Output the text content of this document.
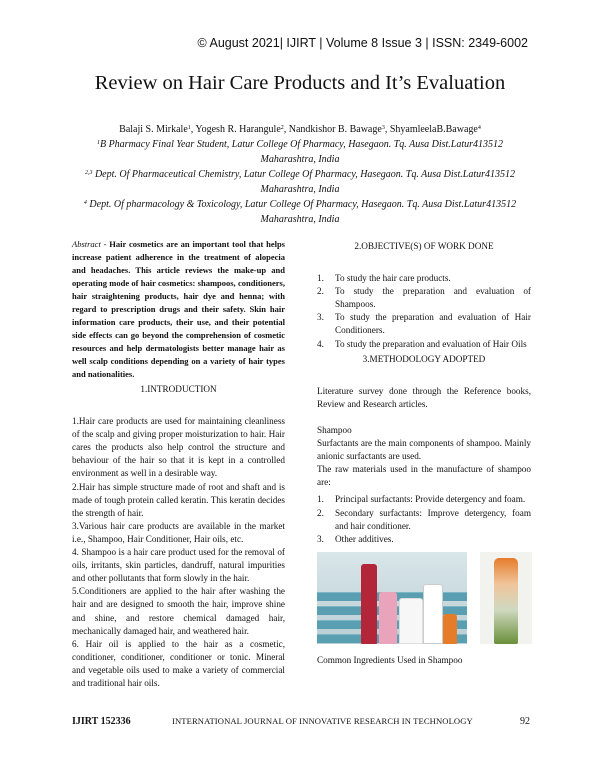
© August 2021| IJIRT | Volume 8 Issue 3 | ISSN: 2349-6002
Review on Hair Care Products and It’s Evaluation
Balaji S. Mirkale$^1$, Yogesh R. Harangule$^2$, Nandkishor B. Bawage$^3$, ShyamleelaB.Bawage$^4$
$^1$B Pharmacy Final Year Student, Latur College Of Pharmacy, Hasegaon. Tq. Ausa Dist.Latur413512 Maharashtra, India
$^{2,3}$ Dept. Of Pharmaceutical Chemistry, Latur College Of Pharmacy, Hasegaon. Tq. Ausa Dist.Latur413512 Maharashtra, India
$^4$ Dept. Of pharmacology & Toxicology, Latur College Of Pharmacy, Hasegaon. Tq. Ausa Dist.Latur413512 Maharashtra, India
Abstract - Hair cosmetics are an important tool that helps increase patient adherence in the treatment of alopecia and headaches. This article reviews the make-up and operating mode of hair cosmetics: shampoos, conditioners, hair straightening products, hair dye and henna; with regard to prescription drugs and their safety. Skin hair information care products, their use, and their potential side effects can go beyond the comprehension of cosmetic resources and help dermatologists better manage hair as well scalp conditions depending on a variety of hair types and nationalities.
1.INTRODUCTION
1.Hair care products are used for maintaining cleanliness of the scalp and giving proper moisturization to hair. Hair cares the products also help control the structure and behaviour of the hair so that it is kept in a controlled environment as well in a desirable way.
2.Hair has simple structure made of root and shaft and is made of tough protein called keratin. This keratin decides the strength of hair.
3.Various hair care products are available in the market i.e., Shampoo, Hair Conditioner, Hair oils, etc.
4. Shampoo is a hair care product used for the removal of oils, irritants, skin particles, dandruff, natural impurities and other pollutants that form slowly in the hair.
5.Conditioners are applied to the hair after washing the hair and are designed to smooth the hair, improve shine and shine, and restore chemical damaged hair, mechanically damaged hair, and weathered hair.
6. Hair oil is applied to the hair as a cosmetic, conditioner, conditioner, conditioner or tonic. Mineral and vegetable oils used to make a variety of commercial and traditional hair oils.
2.OBJECTIVE(S) OF WORK DONE
1. To study the hair care products.
2. To study the preparation and evaluation of Shampoos.
3. To study the preparation and evaluation of Hair Conditioners.
4. To study the preparation and evaluation of Hair Oils
3.METHODOLOGY ADOPTED
Literature survey done through the Reference books, Review and Research articles.
Shampoo
Surfactants are the main components of shampoo. Mainly anionic surfactants are used.
The raw materials used in the manufacture of shampoo are:
1. Principal surfactants: Provide detergency and foam.
2. Secondary surfactants: Improve detergency, foam and hair conditioner.
3. Other additives.
Common Ingredients Used in Shampoo
IJIRT 152336	INTERNATIONAL JOURNAL OF INNOVATIVE RESEARCH IN TECHNOLOGY	92
